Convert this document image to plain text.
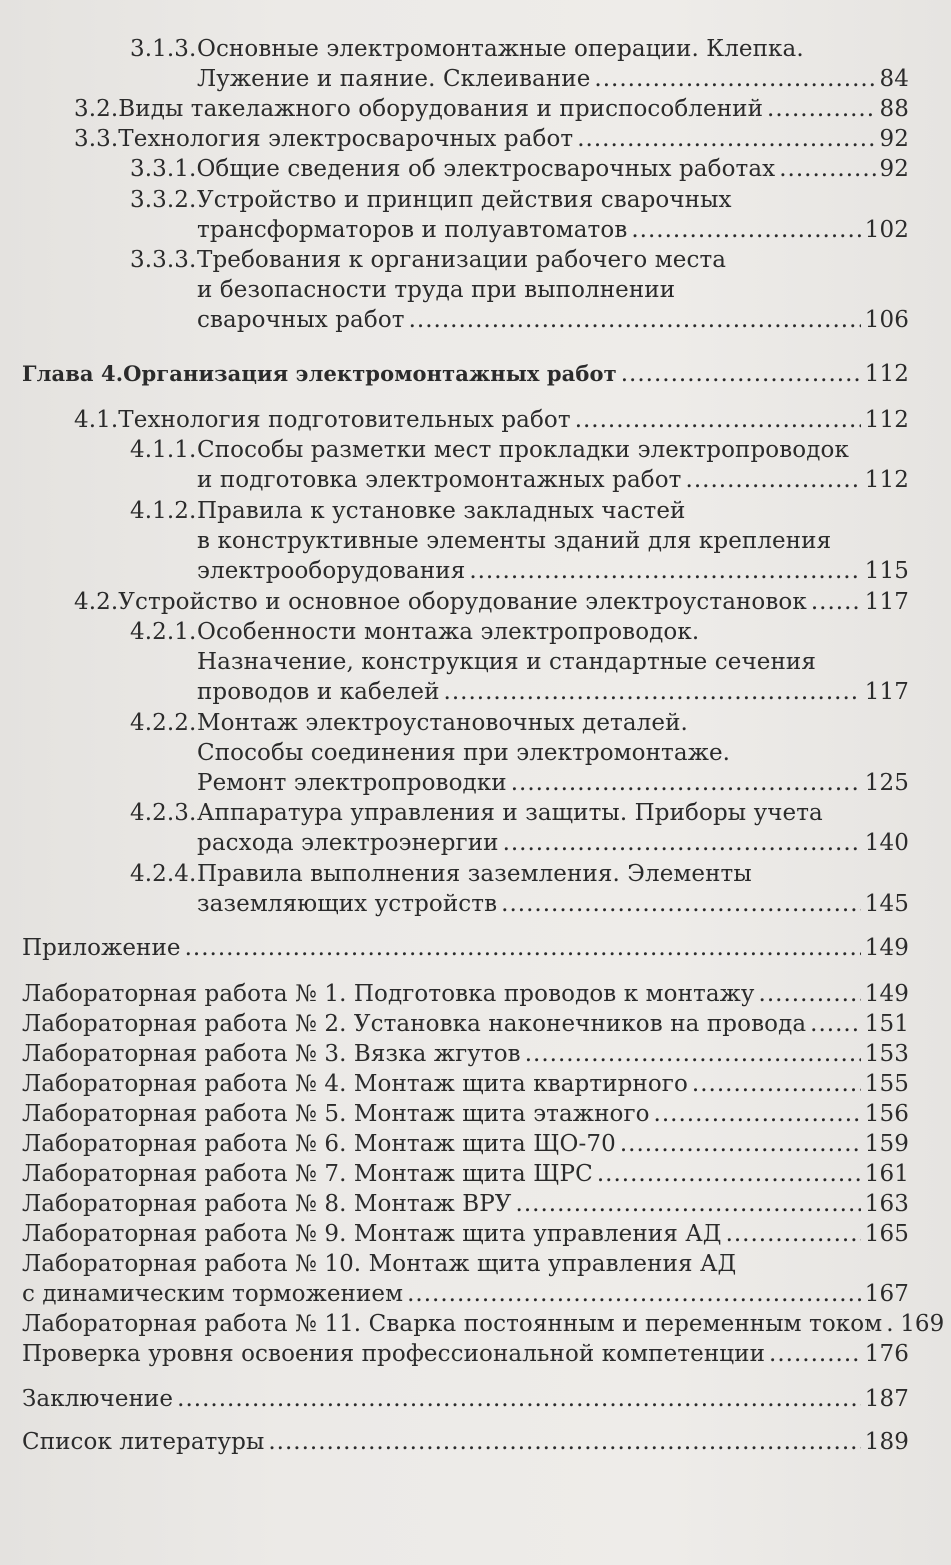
3.1.3.Основные электромонтажные операции. Клепка.
Лужение и паяние. Склеивание .....	84
3.2. Виды такелажного оборудования и приспособлений .....	88
3.3. Технология электросварочных работ .....	92
3.3.1. Общие сведения об электросварочных работах .....	92
3.3.2.Устройство и принцип действия сварочных
трансформаторов и полуавтоматов .....	102
3.3.3.Требования к организации рабочего места
и безопасности труда при выполнении
сварочных работ .....	106
Глава 4. Организация электромонтажных работ .....	112
4.1. Технология подготовительных работ .....	112
4.1.1.Способы разметки мест прокладки электропроводок
и подготовка электромонтажных работ .....	112
4.1.2.Правила к установке закладных частей
в конструктивные элементы зданий для крепления
электрооборудования .....	115
4.2. Устройство и основное оборудование электроустановок .....	117
4.2.1.Особенности монтажа электропроводок.
Назначение, конструкция и стандартные сечения
проводов и кабелей .....	117
4.2.2.Монтаж электроустановочных деталей.
Способы соединения при электромонтаже.
Ремонт электропроводки .....	125
4.2.3.Аппаратура управления и защиты. Приборы учета
расхода электроэнергии .....	140
4.2.4.Правила выполнения заземления. Элементы
заземляющих устройств .....	145
Приложение .....	149
Лабораторная работа № 1. Подготовка проводов к монтажу .....	149
Лабораторная работа № 2. Установка наконечников на провода .....	151
Лабораторная работа № 3. Вязка жгутов .....	153
Лабораторная работа № 4. Монтаж щита квартирного .....	155
Лабораторная работа № 5. Монтаж щита этажного .....	156
Лабораторная работа № 6. Монтаж щита ЩО-70 .....	159
Лабораторная работа № 7. Монтаж щита ЩРС .....	161
Лабораторная работа № 8. Монтаж ВРУ .....	163
Лабораторная работа № 9. Монтаж щита управления АД .....	165
Лабораторная работа № 10. Монтаж щита управления АД
с динамическим торможением .....	167
Лабораторная работа № 11. Сварка постоянным и переменным током ..... 169
Проверка уровня освоения профессиональной компетенции .....	176
Заключение .....	187
Список литературы .....	189
